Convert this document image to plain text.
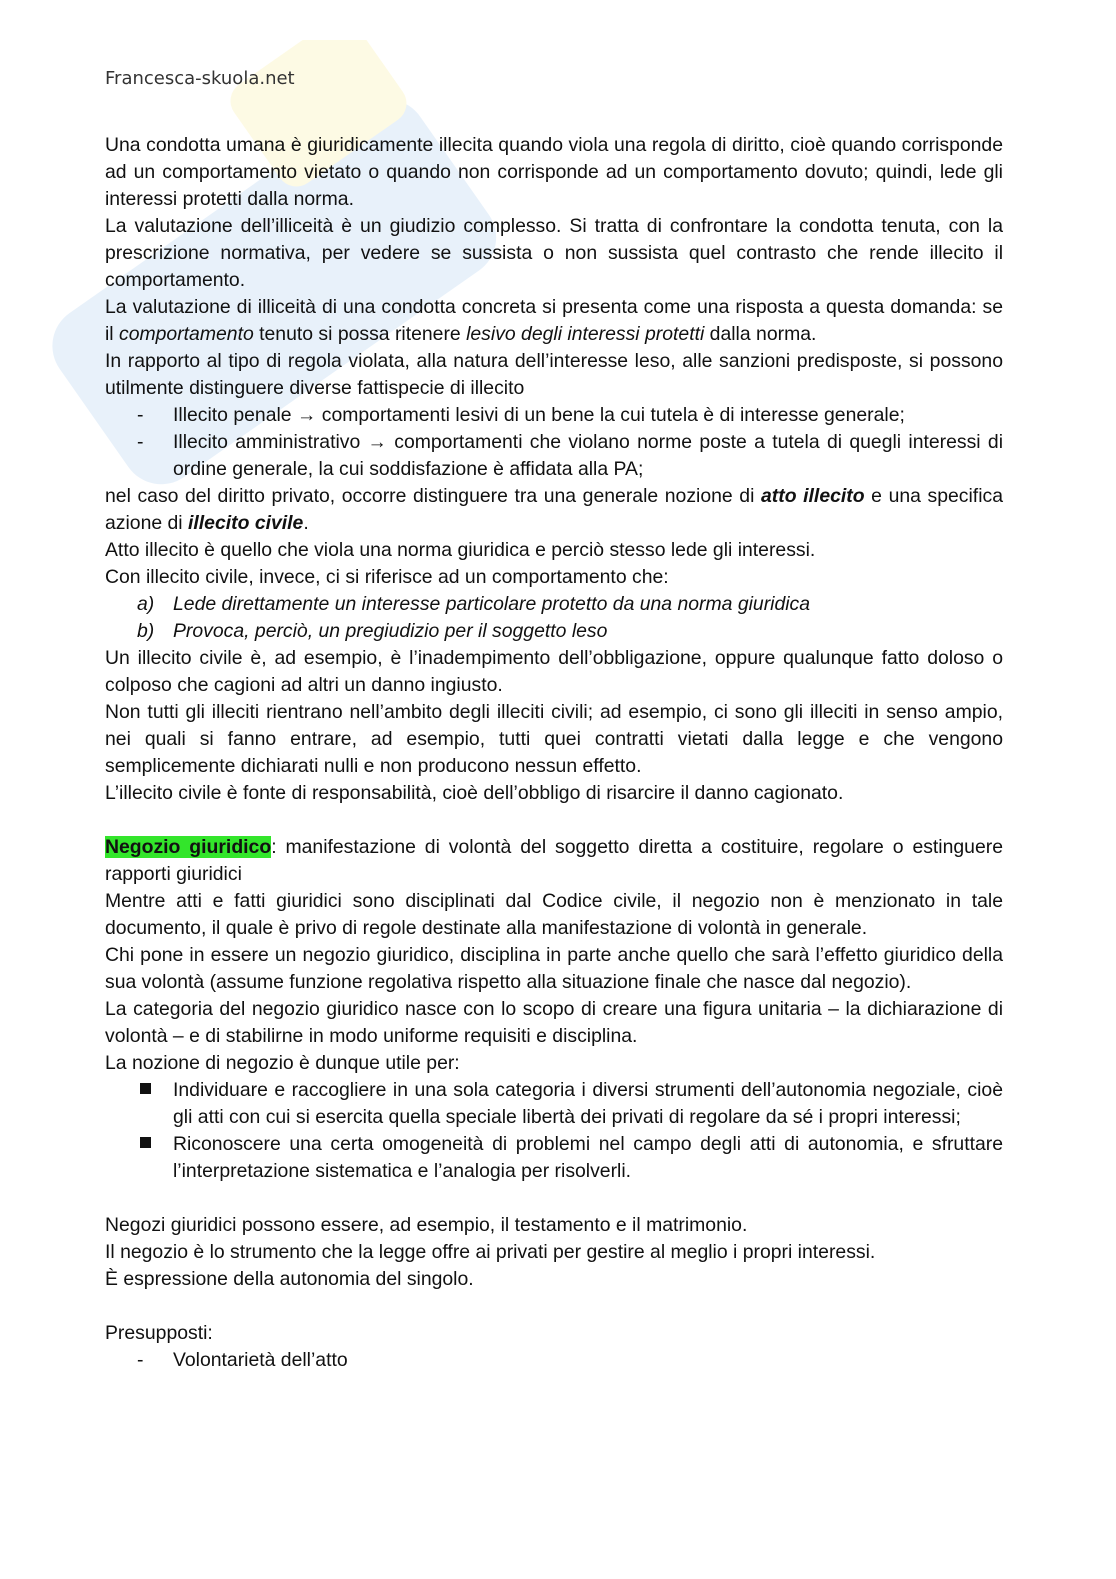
Francesca-skuola.net

Una condotta umana è giuridicamente illecita quando viola una regola di diritto, cioè quando corrisponde ad un comportamento vietato o quando non corrisponde ad un comportamento dovuto; quindi, lede gli interessi protetti dalla norma.

La valutazione dell’illiceità è un giudizio complesso. Si tratta di confrontare la condotta tenuta, con la prescrizione normativa, per vedere se sussista o non sussista quel contrasto che rende illecito il comportamento.

La valutazione di illiceità di una condotta concreta si presenta come una risposta a questa domanda: se il comportamento tenuto si possa ritenere lesivo degli interessi protetti dalla norma.

In rapporto al tipo di regola violata, alla natura dell’interesse leso, alle sanzioni predisposte, si possono utilmente distinguere diverse fattispecie di illecito

-	Illecito penale → comportamenti lesivi di un bene la cui tutela è di interesse generale;
-	Illecito amministrativo → comportamenti che violano norme poste a tutela di quegli interessi di ordine generale, la cui soddisfazione è affidata alla PA;

nel caso del diritto privato, occorre distinguere tra una generale nozione di atto illecito e una specifica azione di illecito civile.

Atto illecito è quello che viola una norma giuridica e perciò stesso lede gli interessi.

Con illecito civile, invece, ci si riferisce ad un comportamento che:

a) Lede direttamente un interesse particolare protetto da una norma giuridica
b) Provoca, perciò, un pregiudizio per il soggetto leso

Un illecito civile è, ad esempio, è l’inadempimento dell’obbligazione, oppure qualunque fatto doloso o colposo che cagioni ad altri un danno ingiusto.

Non tutti gli illeciti rientrano nell’ambito degli illeciti civili; ad esempio, ci sono gli illeciti in senso ampio, nei quali si fanno entrare, ad esempio, tutti quei contratti vietati dalla legge e che vengono semplicemente dichiarati nulli e non producono nessun effetto.

L’illecito civile è fonte di responsabilità, cioè dell’obbligo di risarcire il danno cagionato.

Negozio giuridico: manifestazione di volontà del soggetto diretta a costituire, regolare o estinguere rapporti giuridici

Mentre atti e fatti giuridici sono disciplinati dal Codice civile, il negozio non è menzionato in tale documento, il quale è privo di regole destinate alla manifestazione di volontà in generale.

Chi pone in essere un negozio giuridico, disciplina in parte anche quello che sarà l’effetto giuridico della sua volontà (assume funzione regolativa rispetto alla situazione finale che nasce dal negozio).

La categoria del negozio giuridico nasce con lo scopo di creare una figura unitaria – la dichiarazione di volontà – e di stabilirne in modo uniforme requisiti e disciplina.

La nozione di negozio è dunque utile per:

Individuare e raccogliere in una sola categoria i diversi strumenti dell’autonomia negoziale, cioè gli atti con cui si esercita quella speciale libertà dei privati di regolare da sé i propri interessi;
Riconoscere una certa omogeneità di problemi nel campo degli atti di autonomia, e sfruttare l’interpretazione sistematica e l’analogia per risolverli.

Negozi giuridici possono essere, ad esempio, il testamento e il matrimonio.

Il negozio è lo strumento che la legge offre ai privati per gestire al meglio i propri interessi.

È espressione della autonomia del singolo.

Presupposti:

-	Volontarietà dell’atto
